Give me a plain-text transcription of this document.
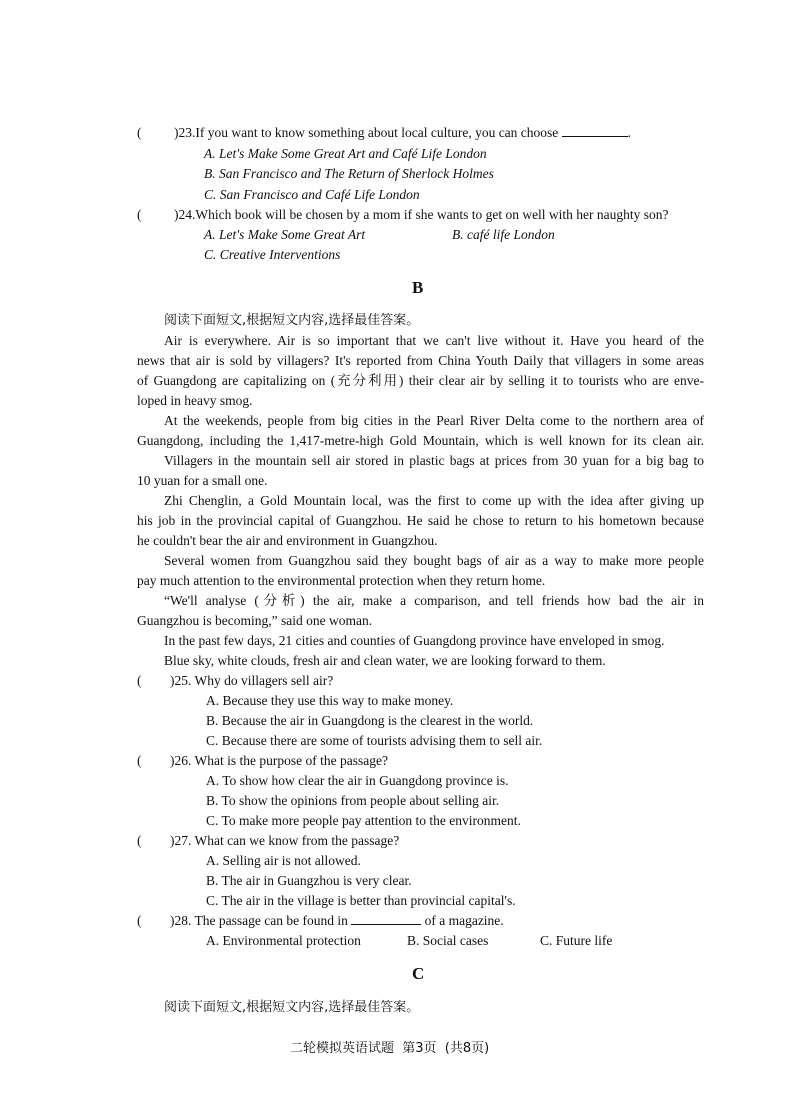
( )23.If you want to know something about local culture, you can choose	.
A. Let's Make Some Great Art and Café Life London
B. San Francisco and The Return of Sherlock Holmes
C. San Francisco and Café Life London
( )24.Which book will be chosen by a mom if she wants to get on well with her naughty son?
A. Let's Make Some Great Art	B. café life London
C. Creative Interventions
B
阅读下面短文,根据短文内容,选择最佳答案。
Air is everywhere. Air is so important that we can't live without it. Have you heard of the
news that air is sold by villagers? It's reported from China Youth Daily that villagers in some areas
of Guangdong are capitalizing on (充分利用) their clear air by selling it to tourists who are enve-
loped in heavy smog.
At the weekends, people from big cities in the Pearl River Delta come to the northern area of
Guangdong, including the 1,417-metre-high Gold Mountain, which is well known for its clean air.
Villagers in the mountain sell air stored in plastic bags at prices from 30 yuan for a big bag to
10 yuan for a small one.
Zhi Chenglin, a Gold Mountain local, was the first to come up with the idea after giving up
his job in the provincial capital of Guangzhou. He said he chose to return to his hometown because
he couldn't bear the air and environment in Guangzhou.
Several women from Guangzhou said they bought bags of air as a way to make more people
pay much attention to the environmental protection when they return home.
“We'll analyse (分析) the air, make a comparison, and tell friends how bad the air in
Guangzhou is becoming,” said one woman.
In the past few days, 21 cities and counties of Guangdong province have enveloped in smog.
Blue sky, white clouds, fresh air and clean water, we are looking forward to them.
( )25. Why do villagers sell air?
A. Because they use this way to make money.
B. Because the air in Guangdong is the clearest in the world.
C. Because there are some of tourists advising them to sell air.
( )26. What is the purpose of the passage?
A. To show how clear the air in Guangdong province is.
B. To show the opinions from people about selling air.
C. To make more people pay attention to the environment.
( )27. What can we know from the passage?
A. Selling air is not allowed.
B. The air in Guangzhou is very clear.
C. The air in the village is better than provincial capital's.
( )28. The passage can be found in	of a magazine.
A. Environmental protection	B. Social cases	C. Future life
C
阅读下面短文,根据短文内容,选择最佳答案。
二轮模拟英语试题  第3页  (共8页)
